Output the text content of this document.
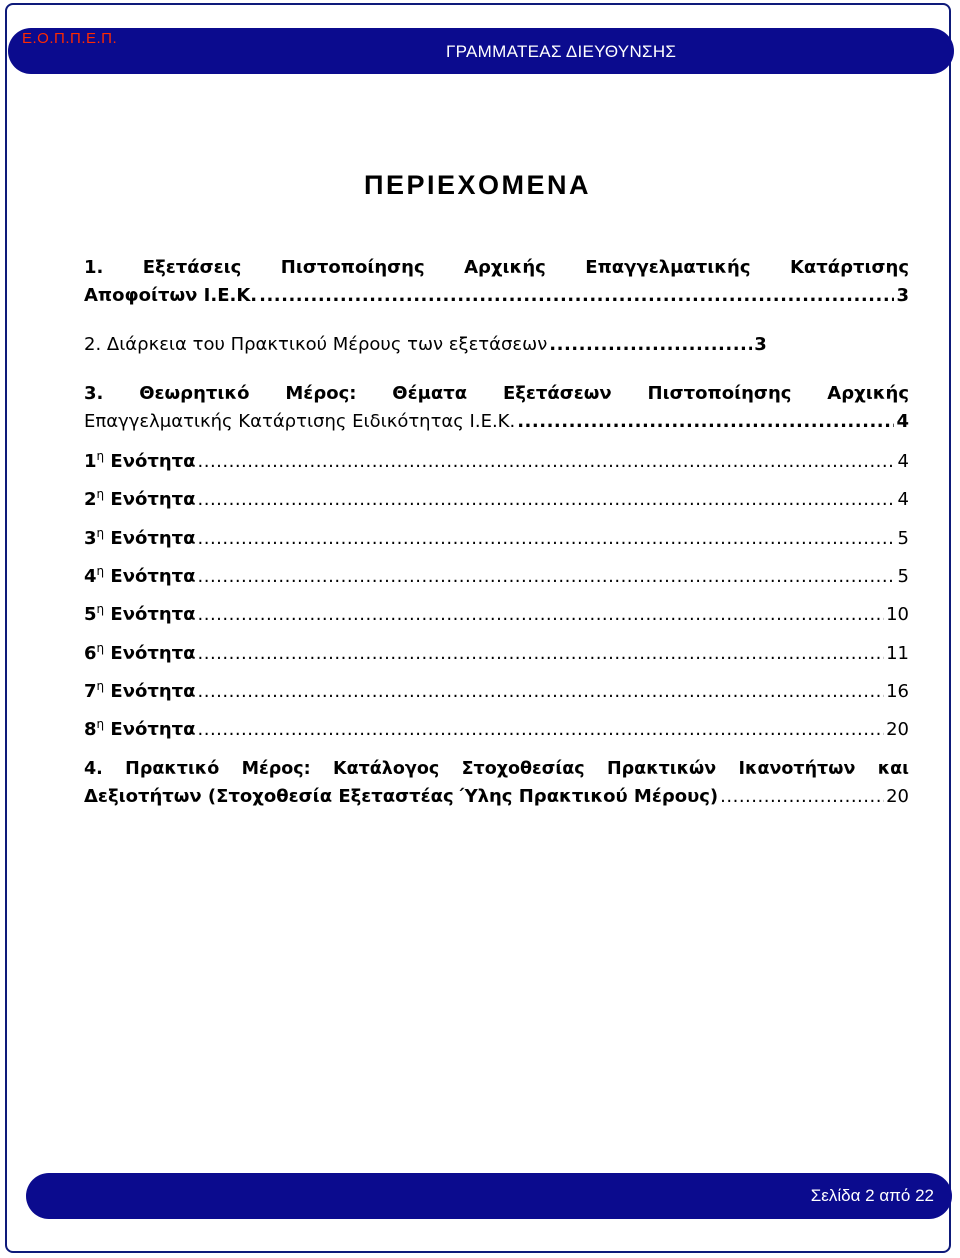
Ε.Ο.Π.Π.Ε.Π.
ΓΡΑΜΜΑΤΕΑΣ ΔΙΕΥΘΥΝΣΗΣ
ΠΕΡΙΕΧΟΜΕΝΑ
1. Εξετάσεις Πιστοποίησης Αρχικής Επαγγελματικής Κατάρτισης
Αποφοίτων Ι.Ε.Κ. .....	3
2. Διάρκεια του Πρακτικού Μέρους των εξετάσεων .....	3
3. Θεωρητικό Μέρος: Θέματα Εξετάσεων Πιστοποίησης Αρχικής
Επαγγελματικής Κατάρτισης Ειδικότητας Ι.Ε.Κ. .....	4
$1^\eta$ Ενότητα .....	4
$2^\eta$ Ενότητα .....	4
$3^\eta$ Ενότητα .....	5
$4^\eta$ Ενότητα .....	5
$5^\eta$ Ενότητα .....	10
$6^\eta$ Ενότητα .....	11
$7^\eta$ Ενότητα .....	16
$8^\eta$ Ενότητα .....	20
4. Πρακτικό Μέρος: Κατάλογος Στοχοθεσίας Πρακτικών Ικανοτήτων και
Δεξιοτήτων (Στοχοθεσία Εξεταστέας Ύλης Πρακτικού Μέρους) .....	20
Σελίδα 2 από 22
